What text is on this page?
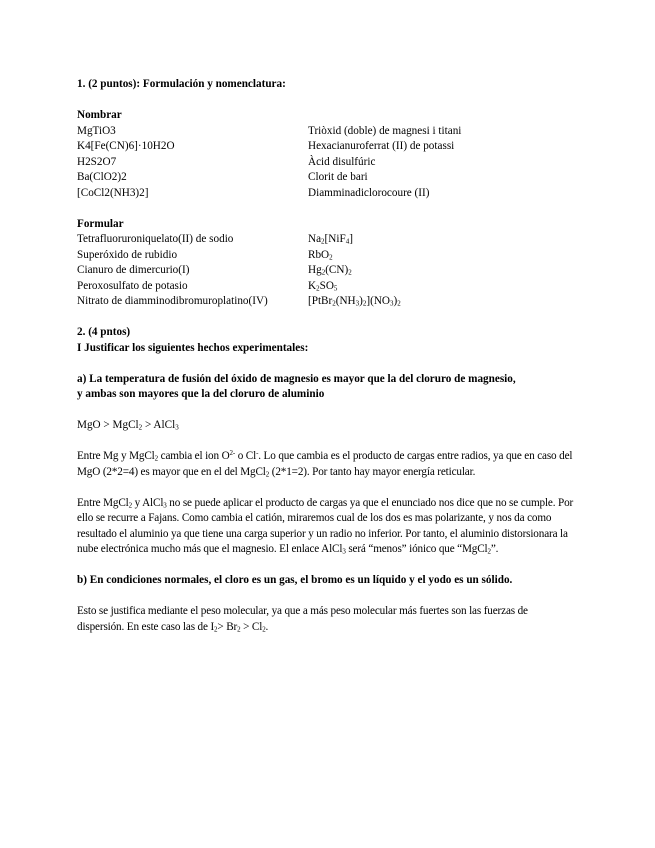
1. (2 puntos): Formulación y nomenclatura:
Nombrar
MgTiO3	Triòxid (doble) de magnesi i titani
K4[Fe(CN)6]·10H2O	Hexacianuroferrat (II) de potassi
H2S2O7	Àcid disulfúric
Ba(ClO2)2	Clorit de bari
[CoCl2(NH3)2]	Diamminadiclorocoure (II)
Formular
Tetrafluoruroniquelato(II) de sodio	$Na_2[NiF_4]$
Superóxido de rubidio	RbO$_2$
Cianuro de dimercurio(I)	$Hg_2(CN)_2$
Peroxosulfato de potasio	$K_2SO_5$
Nitrato de diamminodibromuroplatino(IV)	$[PtBr_2(NH_3)_2](NO_3)_2$
2. (4 pntos)
I Justificar los siguientes hechos experimentales:
a) La temperatura de fusión del óxido de magnesio es mayor que la del cloruro de magnesio,
y ambas son mayores que la del cloruro de aluminio
MgO > MgCl$_2$ > AlCl$_3$

Entre Mg y MgCl$_2$ cambia el ion $O^{2-}$ o Cl-. Lo que cambia es el producto de cargas entre radios, ya que en caso del MgO (2*2=4) es mayor que en el del MgCl$_2$ (2*1=2). Por tanto hay mayor energía reticular.

Entre MgCl$_2$ y AlCl$_3$ no se puede aplicar el producto de cargas ya que el enunciado nos dice que no se cumple. Por ello se recurre a Fajans. Como cambia el catión, miraremos cual de los dos es mas polarizante, y nos da como resultado el aluminio ya que tiene una carga superior y un radio no inferior. Por tanto, el aluminio distorsionara la nube electrónica mucho más que el magnesio. El enlace AlCl$_3$ será “menos” iónico que “MgCl$_2$”.

b) En condiciones normales, el cloro es un gas, el bromo es un líquido y el yodo es un sólido.

Esto se justifica mediante el peso molecular, ya que a más peso molecular más fuertes son las fuerzas de dispersión. En este caso las de $I_2> Br_2 > Cl_2$.
